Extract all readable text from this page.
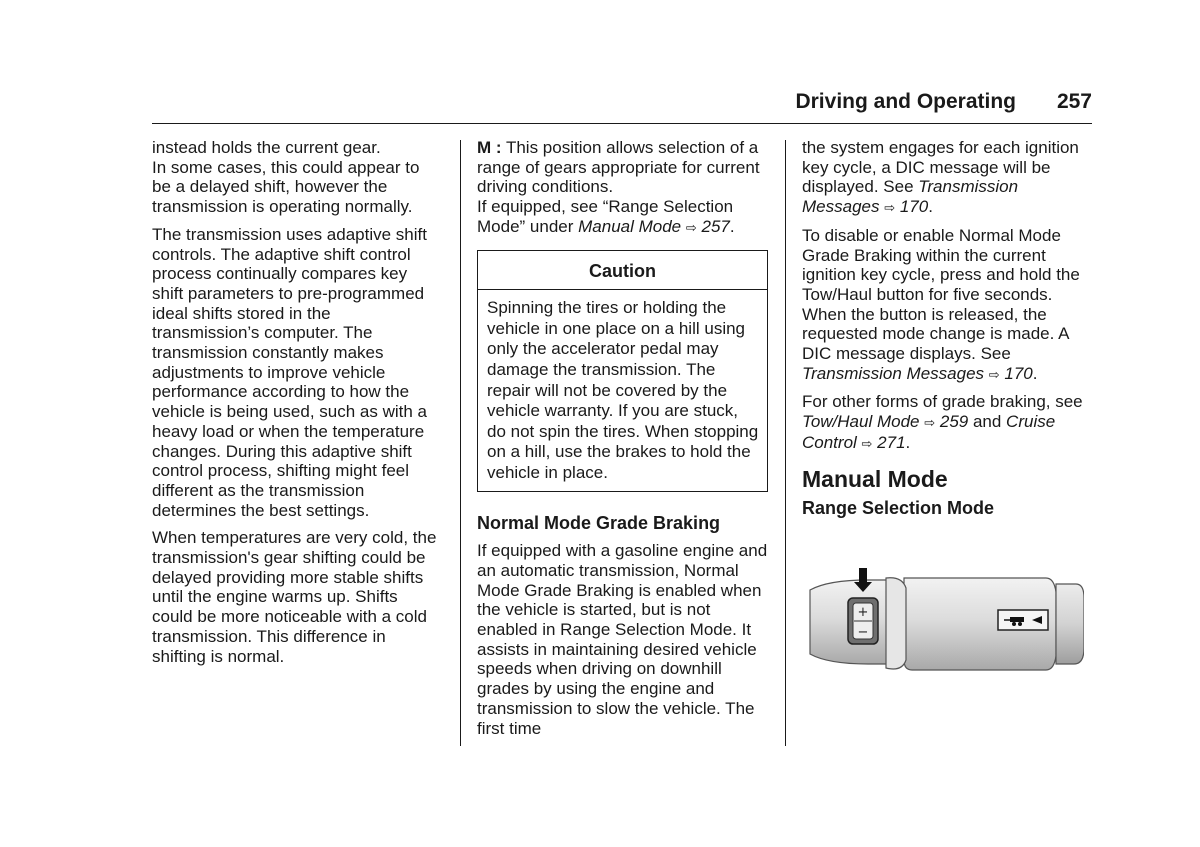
Driving and Operating 257

instead holds the current gear.
In some cases, this could appear to be a delayed shift, however the transmission is operating normally.

The transmission uses adaptive shift controls. The adaptive shift control process continually compares key shift parameters to pre-programmed ideal shifts stored in the transmission’s computer. The transmission constantly makes adjustments to improve vehicle performance according to how the vehicle is being used, such as with a heavy load or when the temperature changes. During this adaptive shift control process, shifting might feel different as the transmission determines the best settings.

When temperatures are very cold, the transmission's gear shifting could be delayed providing more stable shifts until the engine warms up. Shifts could be more noticeable with a cold transmission. This difference in shifting is normal.

M : This position allows selection of a range of gears appropriate for current driving conditions.
If equipped, see “Range Selection Mode” under Manual Mode ⇨ 257.
Caution
Spinning the tires or holding the vehicle in one place on a hill using only the accelerator pedal may damage the transmission. The repair will not be covered by the vehicle warranty. If you are stuck, do not spin the tires. When stopping on a hill, use the brakes to hold the vehicle in place.
Normal Mode Grade Braking

If equipped with a gasoline engine and an automatic transmission, Normal Mode Grade Braking is enabled when the vehicle is started, but is not enabled in Range Selection Mode. It assists in maintaining desired vehicle speeds when driving on downhill grades by using the engine and transmission to slow the vehicle. The first time

the system engages for each ignition key cycle, a DIC message will be displayed. See Transmission Messages ⇨ 170.

To disable or enable Normal Mode Grade Braking within the current ignition key cycle, press and hold the Tow/Haul button for five seconds. When the button is released, the requested mode change is made. A DIC message displays. See Transmission Messages ⇨ 170.

For other forms of grade braking, see Tow/Haul Mode ⇨ 259 and Cruise Control ⇨ 271.

Manual Mode
Range Selection Mode
+
−
